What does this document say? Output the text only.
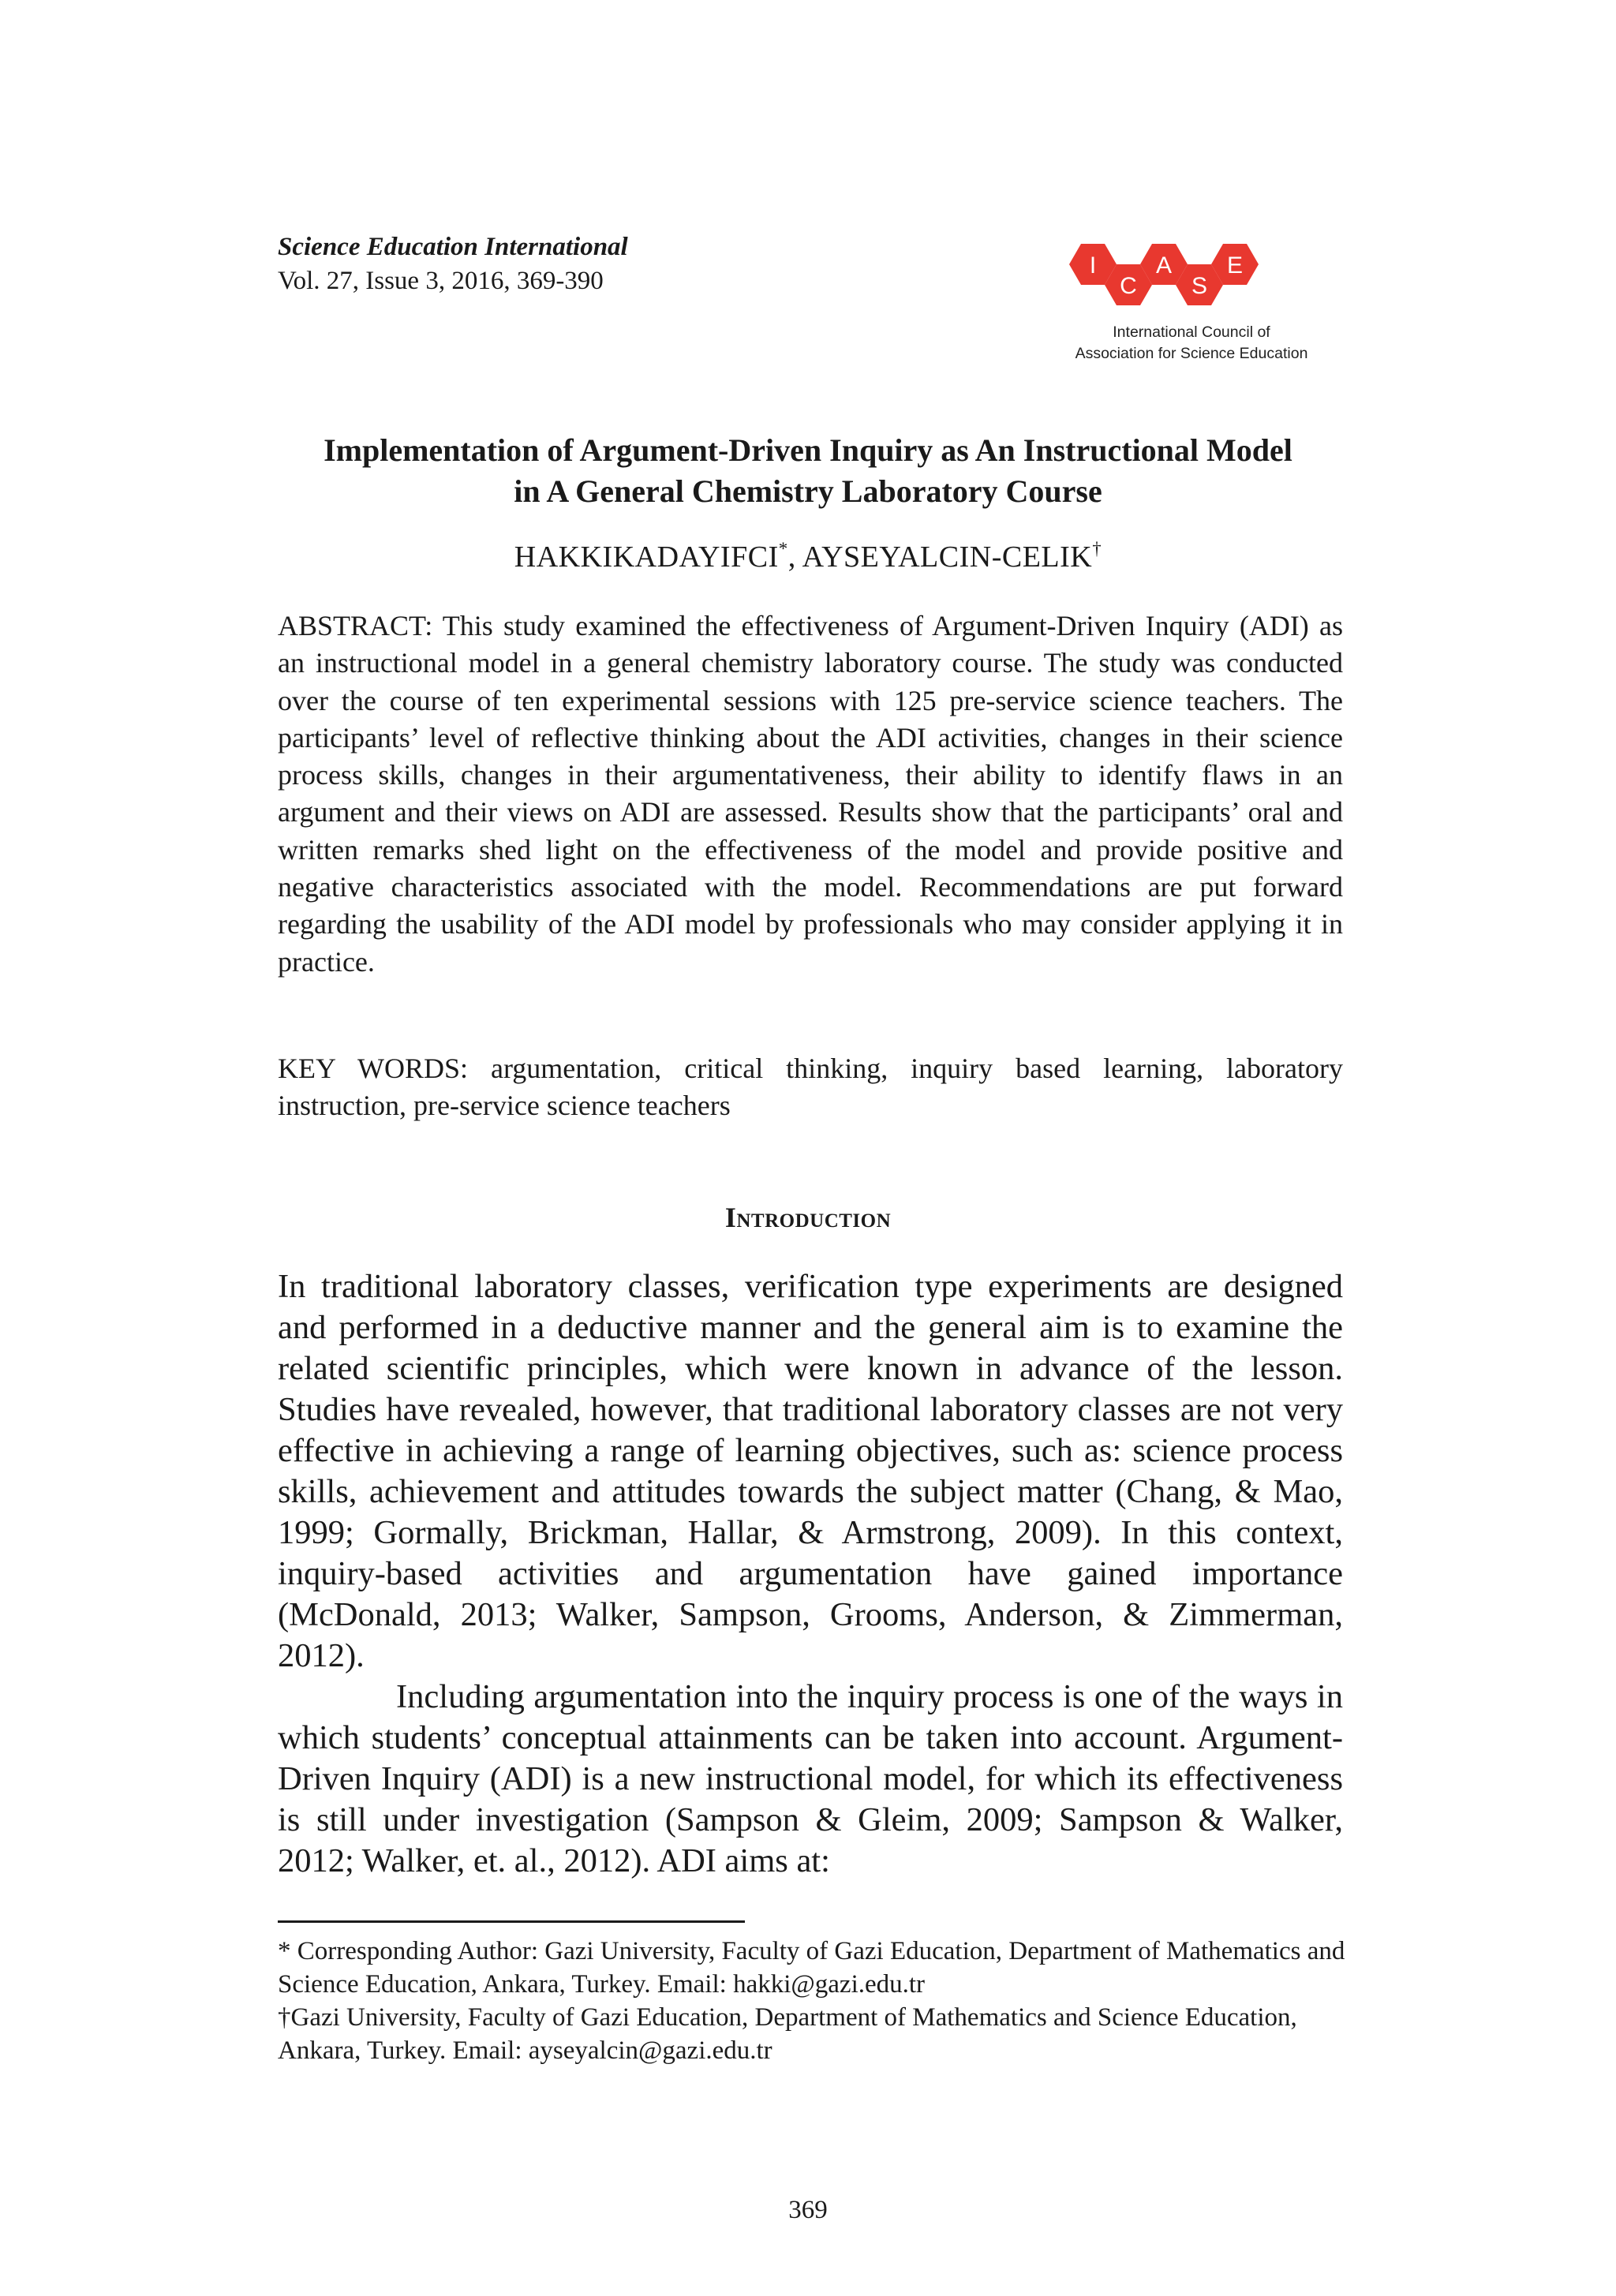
Science Education International
Vol. 27, Issue 3, 2016, 369-390
I
C
A
S
E
International Council of
Association for Science Education
Implementation of Argument-Driven Inquiry as An Instructional Model
in A General Chemistry Laboratory Course
HAKKIKADAYIFCI*, AYSEYALCIN-CELIK†
ABSTRACT: This study examined the effectiveness of Argument-Driven Inquiry (ADI) as an instructional model in a general chemistry laboratory course. The study was conducted over the course of ten experimental sessions with 125 pre-service science teachers. The participants’ level of reflective thinking about the ADI activities, changes in their science process skills, changes in their argumentativeness, their ability to identify flaws in an argument and their views on ADI are assessed. Results show that the participants’ oral and written remarks shed light on the effectiveness of the model and provide positive and negative characteristics associated with the model. Recommendations are put forward regarding the usability of the ADI model by professionals who may consider applying it in practice.
KEY WORDS: argumentation, critical thinking, inquiry based learning, laboratory instruction, pre-service science teachers
Introduction

In traditional laboratory classes, verification type experiments are designed and performed in a deductive manner and the general aim is to examine the related scientific principles, which were known in advance of the lesson. Studies have revealed, however, that traditional laboratory classes are not very effective in achieving a range of learning objectives, such as: science process skills, achievement and attitudes towards the subject matter (Chang, & Mao, 1999; Gormally, Brickman, Hallar, & Armstrong, 2009). In this context, inquiry-based activities and argumentation have gained importance (McDonald, 2013; Walker, Sampson, Grooms, Anderson, & Zimmerman, 2012).

Including argumentation into the inquiry process is one of the ways in which students’ conceptual attainments can be taken into account. Argument-Driven Inquiry (ADI) is a new instructional model, for which its effectiveness is still under investigation (Sampson & Gleim, 2009; Sampson & Walker, 2012; Walker, et. al., 2012). ADI aims at:

* Corresponding Author: Gazi University, Faculty of Gazi Education, Department of Mathematics and Science Education, Ankara, Turkey. Email: hakki@gazi.edu.tr

†Gazi University, Faculty of Gazi Education, Department of Mathematics and Science Education, Ankara, Turkey. Email: ayseyalcin@gazi.edu.tr

369
